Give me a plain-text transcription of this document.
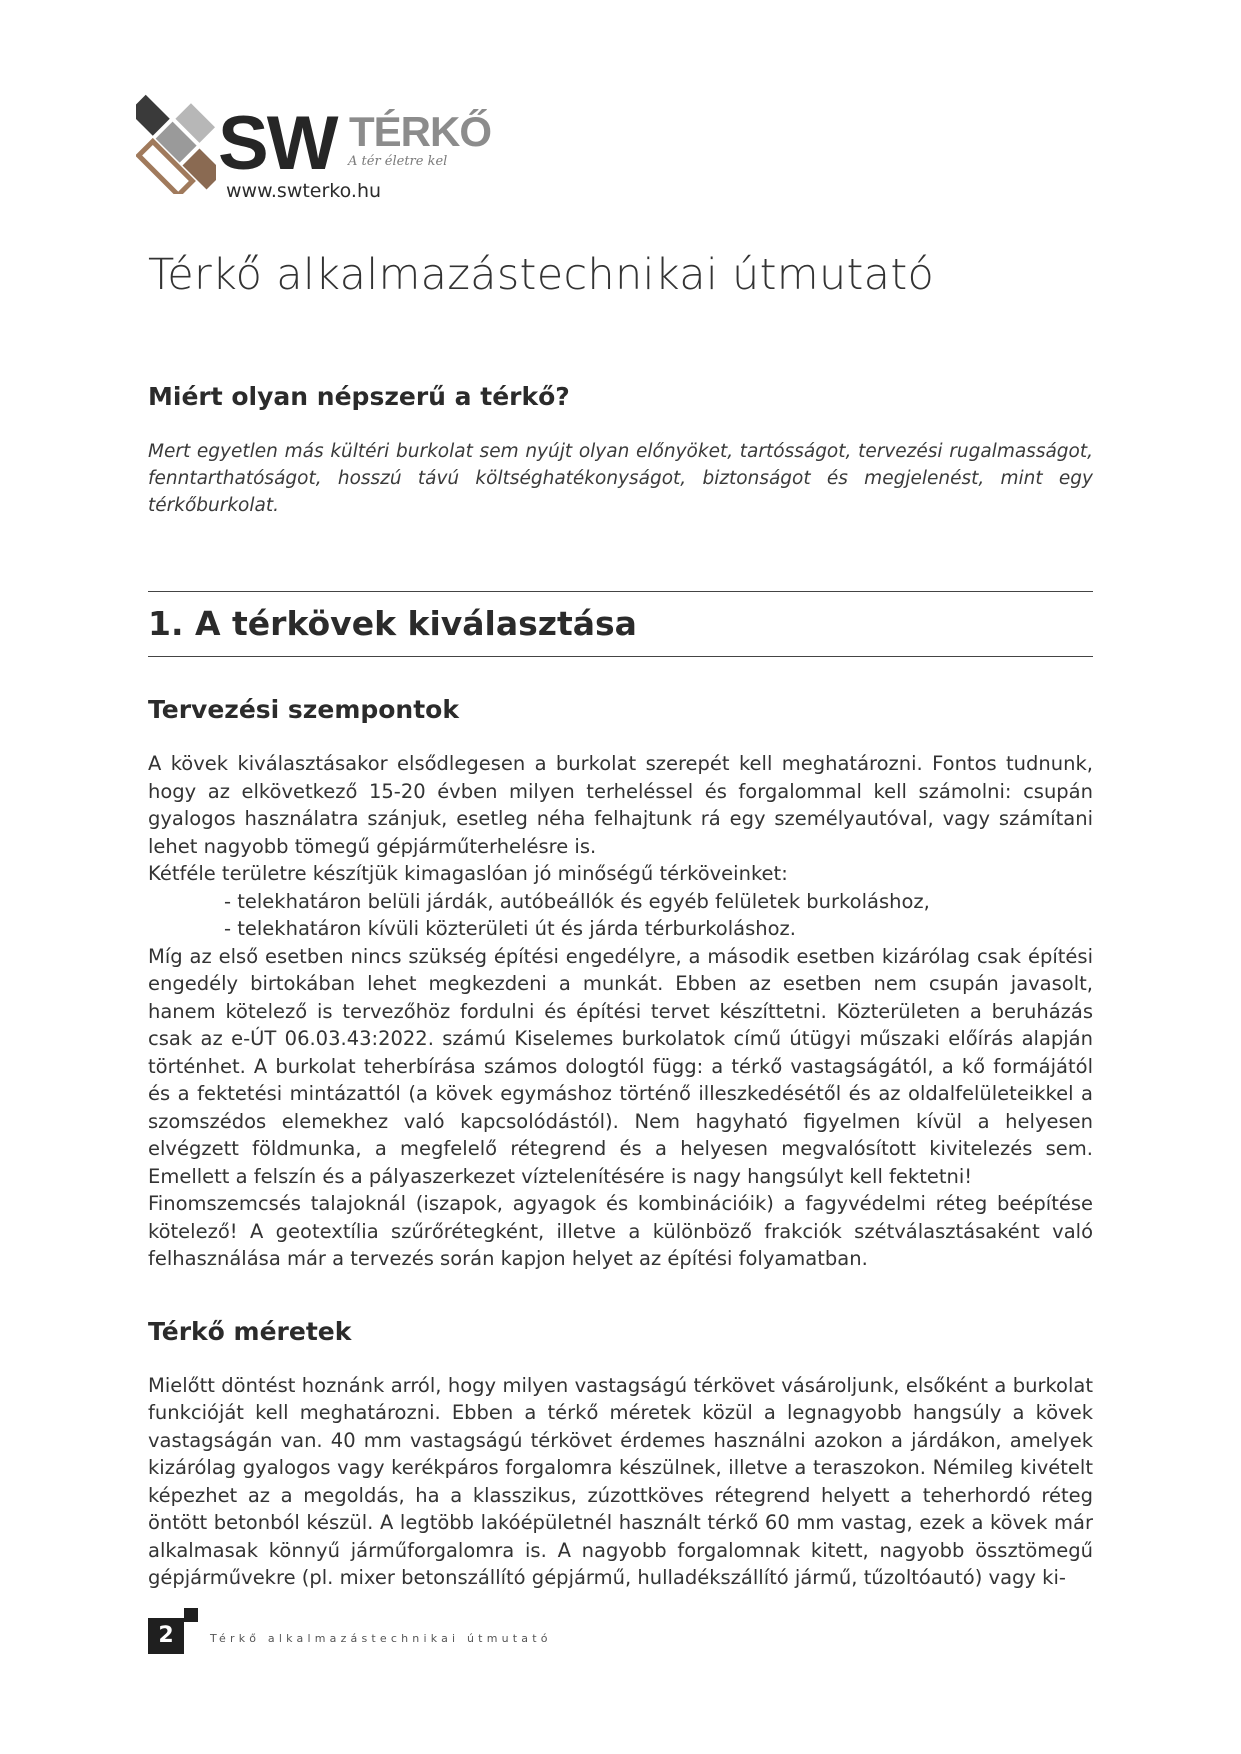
SW TÉRKŐ
A tér életre kel
www.swterko.hu
Térkő alkalmazástechnikai útmutató
Miért olyan népszerű a térkő?

Mert egyetlen más kültéri burkolat sem nyújt olyan előnyöket, tartósságot, tervezési rugalmasságot, fenntarthatóságot, hosszú távú költséghatékonyságot, biztonságot és megjelenést, mint egy térkőburkolat.

1. A térkövek kiválasztása
Tervezési szempontok

A kövek kiválasztásakor elsődlegesen a burkolat szerepét kell meghatározni. Fontos tudnunk, hogy az elkövetkező 15-20 évben milyen terheléssel és forgalommal kell számolni: csupán gyalogos használatra szánjuk, esetleg néha felhajtunk rá egy személyautóval, vagy számítani lehet nagyobb tömegű gépjárműterhelésre is.

Kétféle területre készítjük kimagaslóan jó minőségű térköveinket:

- telekhatáron belüli járdák, autóbeállók és egyéb felületek burkoláshoz,
- telekhatáron kívüli közterületi út és járda térburkoláshoz.

Míg az első esetben nincs szükség építési engedélyre, a második esetben kizárólag csak építési engedély birtokában lehet megkezdeni a munkát. Ebben az esetben nem csupán javasolt, hanem kötelező is tervezőhöz fordulni és építési tervet készíttetni. Közterületen a beruházás csak az e-ÚT 06.03.43:2022. számú Kiselemes burkolatok című útügyi műszaki előírás alapján történhet. A burkolat teherbírása számos dologtól függ: a térkő vastagságától, a kő formájától és a fektetési mintázattól (a kövek egymáshoz történő illeszkedésétől és az oldalfelületeikkel a szomszédos elemekhez való kapcsolódástól). Nem hagyható figyelmen kívül a helyesen elvégzett földmunka, a megfelelő rétegrend és a helyesen megvalósított kivitelezés sem. Emellett a felszín és a pályaszerkezet víztelenítésére is nagy hangsúlyt kell fektetni!

Finomszemcsés talajoknál (iszapok, agyagok és kombinációik) a fagyvédelmi réteg beépítése kötelező! A geotextília szűrőrétegként, illetve a különböző frakciók szétválasztásaként való felhasználása már a tervezés során kapjon helyet az építési folyamatban.

Térkő méretek

Mielőtt döntést hoznánk arról, hogy milyen vastagságú térkövet vásároljunk, elsőként a burkolat funkcióját kell meghatározni. Ebben a térkő méretek közül a legnagyobb hangsúly a kövek vastagságán van. 40 mm vastagságú térkövet érdemes használni azokon a járdákon, amelyek kizárólag gyalogos vagy kerékpáros forgalomra készülnek, illetve a teraszokon. Némileg kivételt képezhet az a megoldás, ha a klasszikus, zúzottköves rétegrend helyett a teherhordó réteg öntött betonból készül. A legtöbb lakóépületnél használt térkő 60 mm vastag, ezek a kövek már alkalmasak könnyű járműforgalomra is. A nagyobb forgalomnak kitett, nagyobb össztömegű gépjárművekre (pl. mixer betonszállító gépjármű, hulladékszállító jármű, tűzoltóautó) vagy ki-

2	Térkő alkalmazástechnikai útmutató
